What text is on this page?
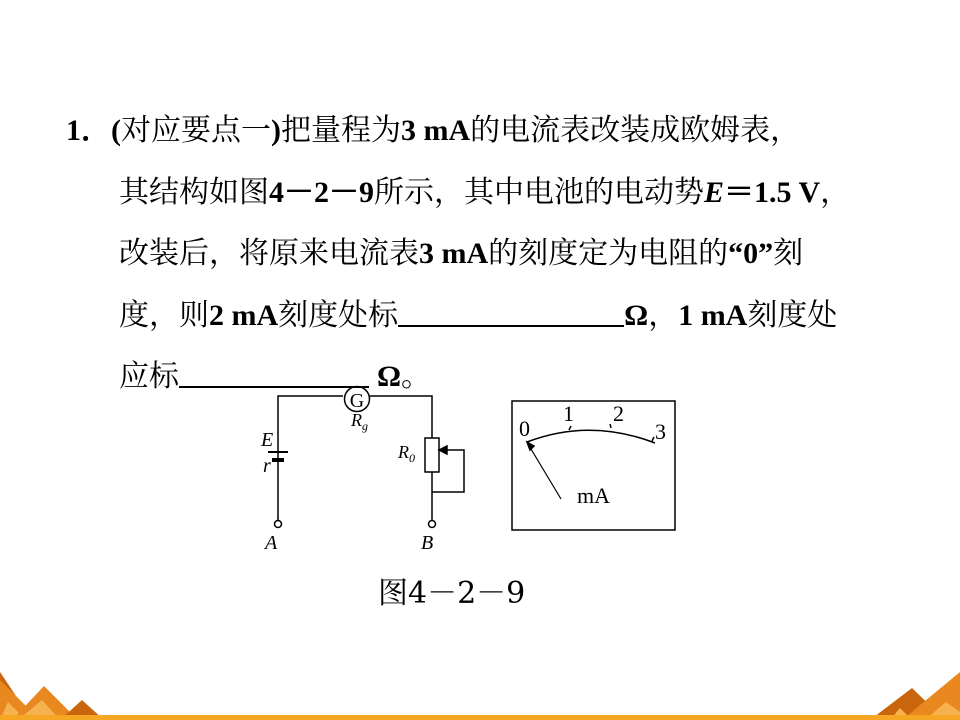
1．(对应要点一)把量程为3 mA的电流表改装成欧姆表，
其结构如图4－2－9所示，其中电池的电动势E＝1.5 V，
改装后，将原来电流表3 mA的刻度定为电阻的“0”刻
度，则2 mA刻度处标	Ω，1 mA刻度处
应标	Ω。
G
$R_g$
E
r
$R_0$
A	B
0
1 2
3
mA
图4－2－9
